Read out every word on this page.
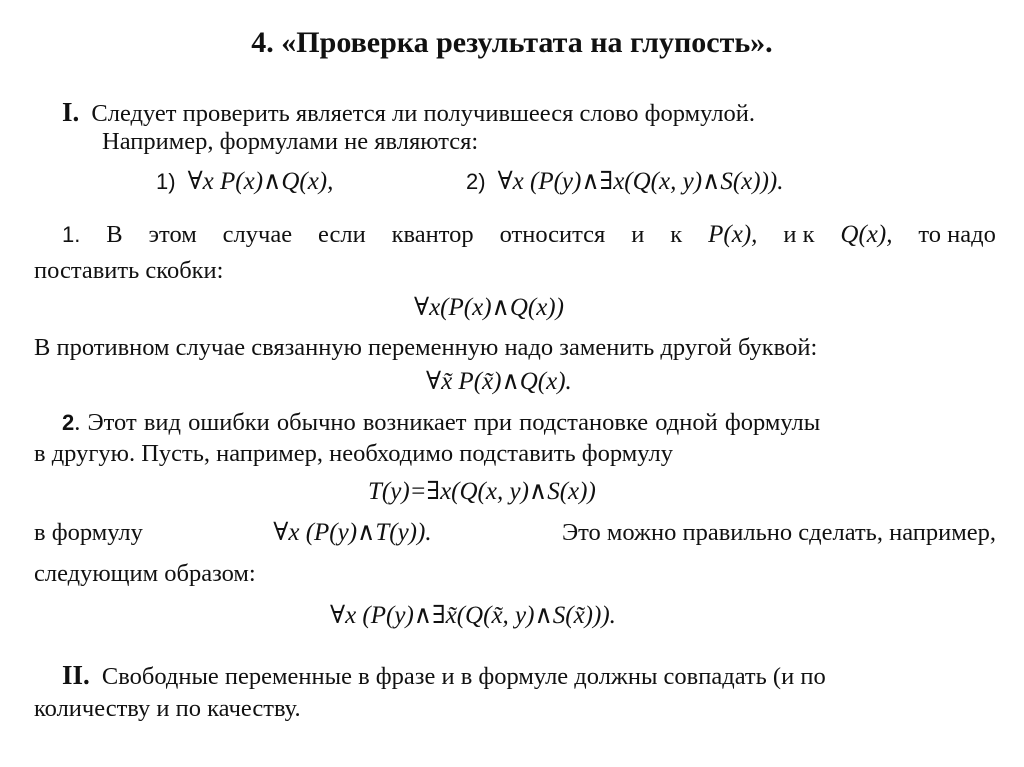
4. «Проверка результата на глупость».
I. Следует проверить является ли получившееся слово формулой.
Например, формулами не являются:
1) ∀x P(x)∧Q(x),	2) ∀x (P(y)∧∃x(Q(x, y)∧S(x))).
1. В этом случае если квантор относится и к P(x), и к Q(x), то надо
поставить скобки:
∀x(P(x)∧Q(x))
В противном случае связанную переменную надо заменить другой буквой:
∀x̃ P(x̃)∧Q(x).
2 . Этот вид ошибки обычно возникает при подстановке одной формулы
в другую. Пусть, например, необходимо подставить формулу
T(y)=∃x(Q(x, y)∧S(x))
в формулу	∀x (P(y)∧T(y)).	Это можно правильно сделать, например,
следующим образом:
∀x (P(y)∧∃x̃(Q(x̃, y)∧S(x̃))).
II. Свободные переменные в фразе и в формуле должны совпадать (и по
количеству и по качеству.
